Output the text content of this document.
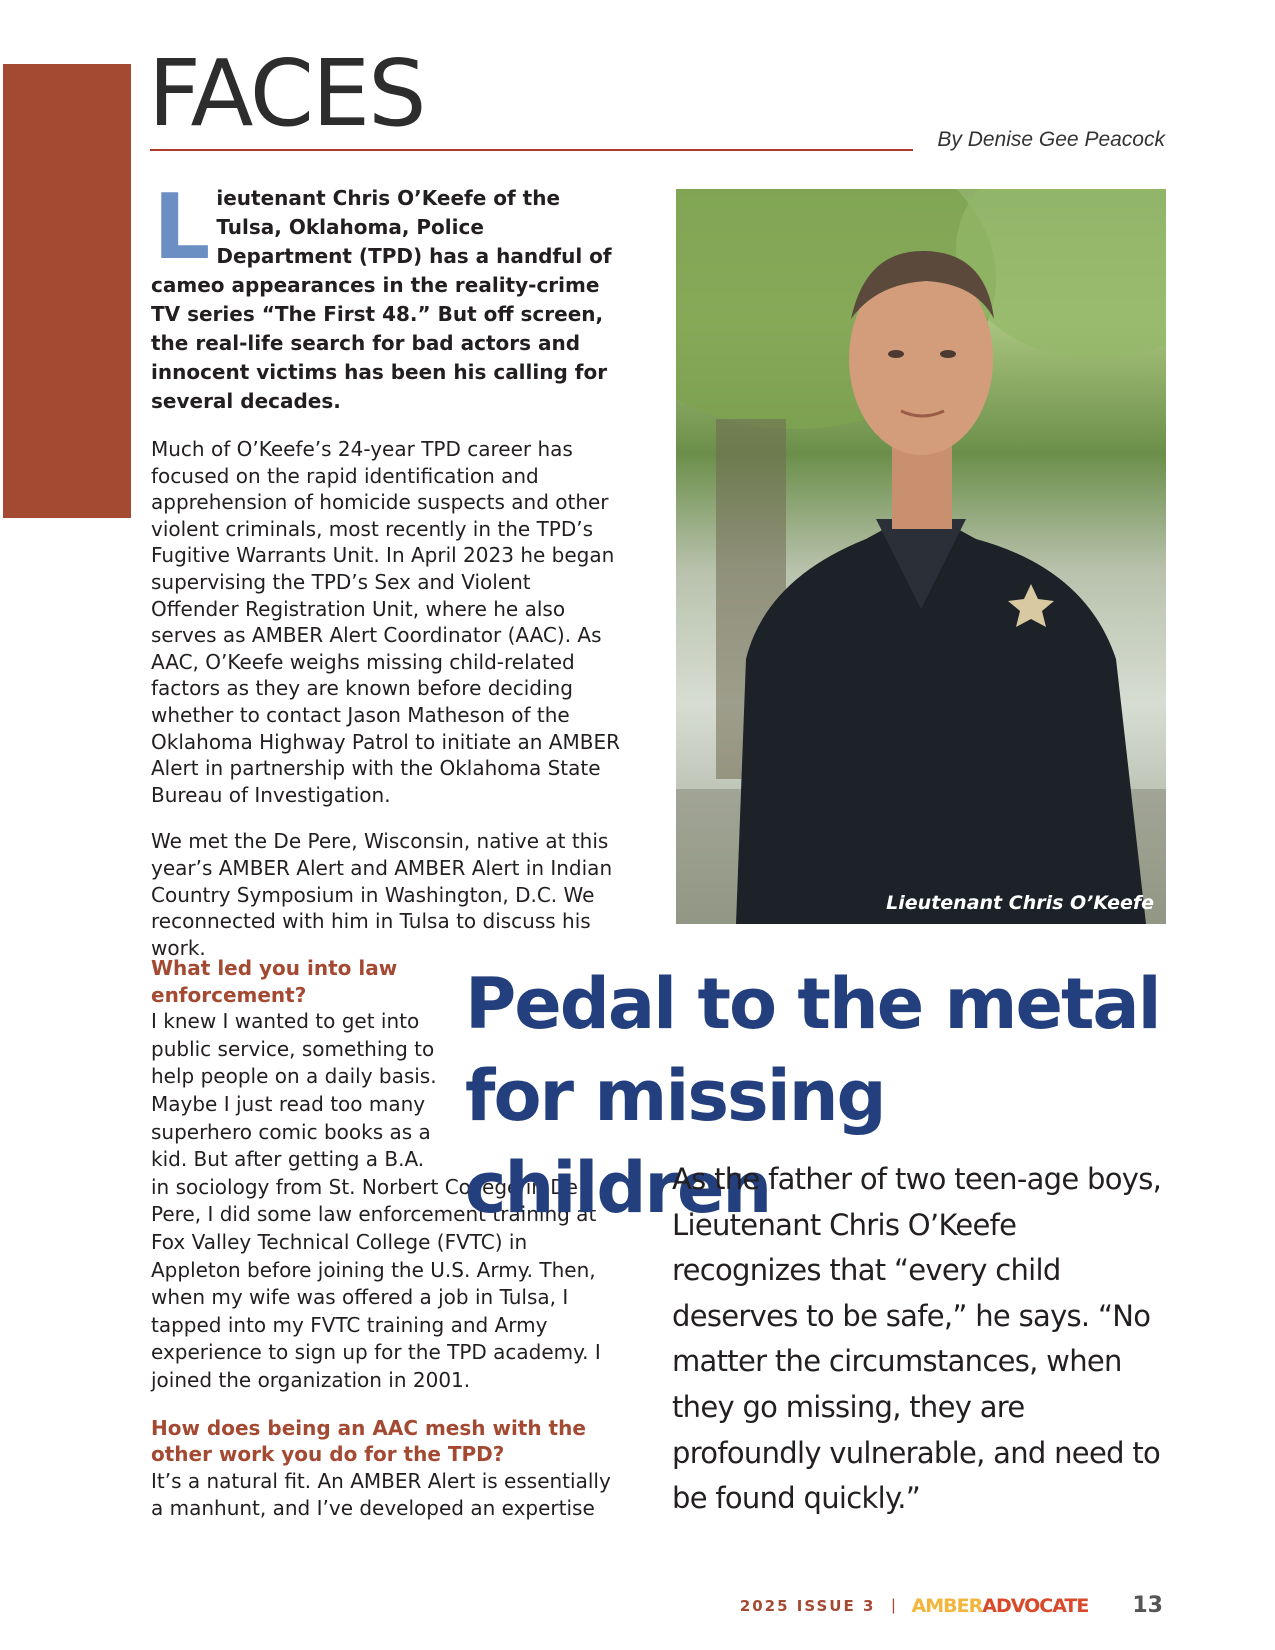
FACES	By Denise Gee Peacock

L ieutenant Chris O’Keefe of the Tulsa, Oklahoma, Police Department (TPD) has a handful of cameo appearances in the reality-crime TV series “The First 48.” But off screen, the real-life search for bad actors and innocent victims has been his calling for several decades.

Much of O’Keefe’s 24-year TPD career has focused on the rapid identification and apprehension of homicide suspects and other violent criminals, most recently in the TPD’s Fugitive Warrants Unit. In April 2023 he began supervising the TPD’s Sex and Violent Offender Registration Unit, where he also serves as AMBER Alert Coordinator (AAC). As AAC, O’Keefe weighs missing child-related factors as they are known before deciding whether to contact Jason Matheson of the Oklahoma Highway Patrol to initiate an AMBER Alert in partnership with the Oklahoma State Bureau of Investigation.

We met the De Pere, Wisconsin, native at this year’s AMBER Alert and AMBER Alert in Indian Country Symposium in Washington, D.C. We reconnected with him in Tulsa to discuss his work.

Lieutenant Chris O’Keefe

What led you into law enforcement?

I knew I wanted to get into public service, something to help people on a daily basis. Maybe I just read too many superhero comic books as a kid. But after getting a B.A.

in sociology from St. Norbert College in De Pere, I did some law enforcement training at Fox Valley Technical College (FVTC) in Appleton before joining the U.S. Army. Then, when my wife was offered a job in Tulsa, I tapped into my FVTC training and Army experience to sign up for the TPD academy. I joined the organization in 2001.

How does being an AAC mesh with the other work you do for the TPD?

It’s a natural fit. An AMBER Alert is essentially a manhunt, and I’ve developed an expertise

Pedal to the metal for missing children

As the father of two teen-age boys, Lieutenant Chris O’Keefe recognizes that “every child deserves to be safe,” he says. “No matter the circumstances, when they go missing, they are profoundly vulnerable, and need to be found quickly.”

2025 ISSUE 3 | AMBERADVOCATE 13
